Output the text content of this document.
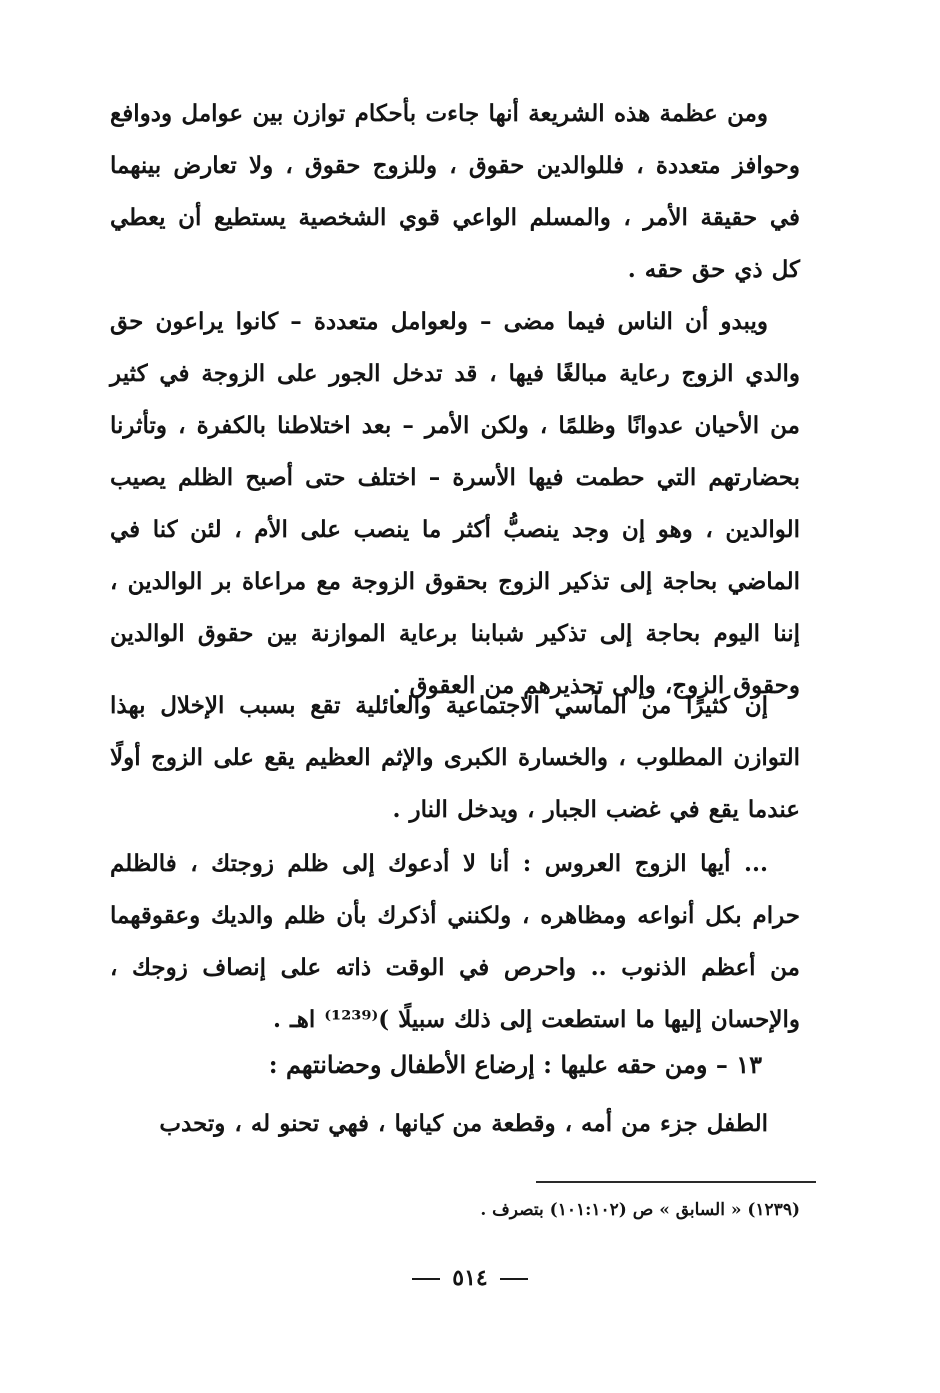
ومن عظمة هذه الشريعة أنها جاءت بأحكام توازن بين عوامل ودوافع وحوافز متعددة ، فللوالدين حقوق ، وللزوج حقوق ، ولا تعارض بينهما في حقيقة الأمر ، والمسلم الواعي قوي الشخصية يستطيع أن يعطي كل ذي حق حقه .

ويبدو أن الناس فيما مضى – ولعوامل متعددة – كانوا يراعون حق والدي الزوج رعاية مبالغًا فيها ، قد تدخل الجور على الزوجة في كثير من الأحيان عدوانًا وظلمًا ، ولكن الأمر – بعد اختلاطنا بالكفرة ، وتأثرنا بحضارتهم التي حطمت فيها الأسرة – اختلف حتى أصبح الظلم يصيب الوالدين ، وهو إن وجد ينصبُّ أكثر ما ينصب على الأم ، لئن كنا في الماضي بحاجة إلى تذكير الزوج بحقوق الزوجة مع مراعاة بر الوالدين ، إننا اليوم بحاجة إلى تذكير شبابنا برعاية الموازنة بين حقوق الوالدين وحقوق الزوج، وإلى تحذيرهم من العقوق .

إن كثيرًا من المآسي الاجتماعية والعائلية تقع بسبب الإخلال بهذا التوازن المطلوب ، والخسارة الكبرى والإثم العظيم يقع على الزوج أولًا عندما يقع في غضب الجبار ، ويدخل النار .

... أيها الزوج العروس : أنا لا أدعوك إلى ظلم زوجتك ، فالظلم حرام بكل أنواعه ومظاهره ، ولكنني أذكرك بأن ظلم والديك وعقوقهما من أعظم الذنوب .. واحرص في الوقت ذاته على إنصاف زوجك ، والإحسان إليها ما استطعت إلى ذلك سبيلًا )⁽¹²³⁹⁾ اهـ .

١٣ – ومن حقه عليها : إرضاع الأطفال وحضانتهم :

الطفل جزء من أمه ، وقطعة من كيانها ، فهي تحنو له ، وتحدب

(١٢٣٩) « السابق » ص (١٠١:١٠٢) بتصرف .
٥١٤
